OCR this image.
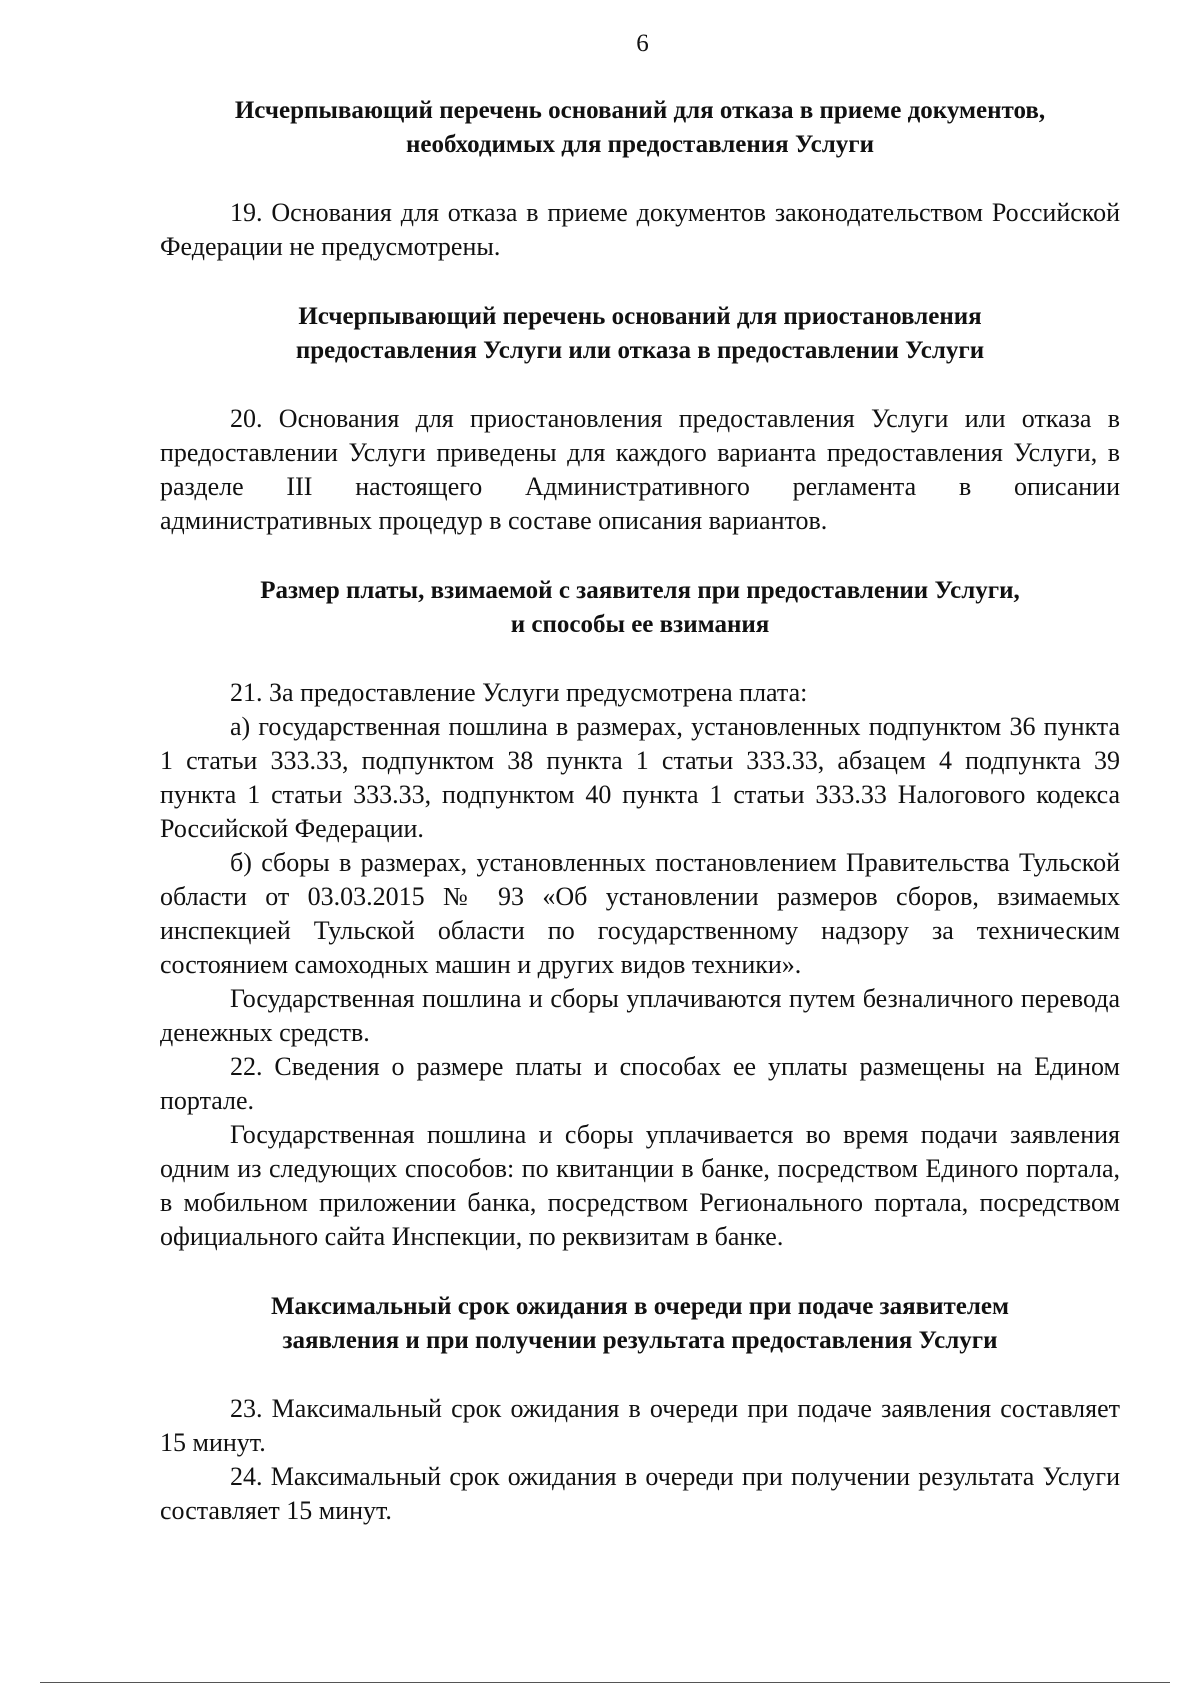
6
Исчерпывающий перечень оснований для отказа в приеме документов,
необходимых для предоставления Услуги

19. Основания для отказа в приеме документов законодательством Российской Федерации не предусмотрены.

Исчерпывающий перечень оснований для приостановления
предоставления Услуги или отказа в предоставлении Услуги

20. Основания для приостановления предоставления Услуги или отказа в предоставлении Услуги приведены для каждого варианта предоставления Услуги, в разделе III настоящего Административного регламента в описании административных процедур в составе описания вариантов.

Размер платы, взимаемой с заявителя при предоставлении Услуги,
и способы ее взимания

21. За предоставление Услуги предусмотрена плата:

а) государственная пошлина в размерах, установленных подпунктом 36 пункта 1 статьи 333.33, подпунктом 38 пункта 1 статьи 333.33, абзацем 4 подпункта 39 пункта 1 статьи 333.33, подпунктом 40 пункта 1 статьи 333.33 Налогового кодекса Российской Федерации.

б) сборы в размерах, установленных постановлением Правительства Тульской области от 03.03.2015 № 93 «Об установлении размеров сборов, взимаемых инспекцией Тульской области по государственному надзору за техническим состоянием самоходных машин и других видов техники».

Государственная пошлина и сборы уплачиваются путем безналичного перевода денежных средств.

22. Сведения о размере платы и способах ее уплаты размещены на Едином портале.

Государственная пошлина и сборы уплачивается во время подачи заявления одним из следующих способов: по квитанции в банке, посредством Единого портала, в мобильном приложении банка, посредством Регионального портала, посредством официального сайта Инспекции, по реквизитам в банке.

Максимальный срок ожидания в очереди при подаче заявителем
заявления и при получении результата предоставления Услуги

23. Максимальный срок ожидания в очереди при подаче заявления составляет 15 минут.

24. Максимальный срок ожидания в очереди при получении результата Услуги составляет 15 минут.
